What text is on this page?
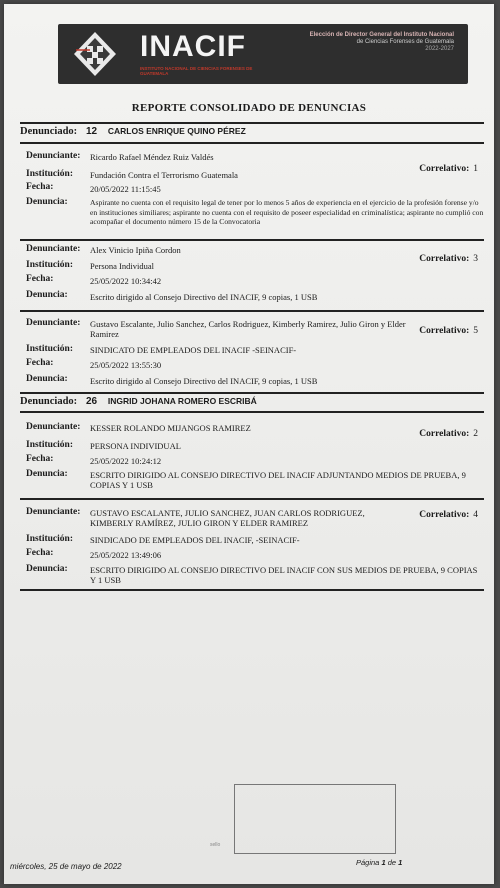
INACIF
INSTITUTO NACIONAL DE CIENCIAS FORENSES DE GUATEMALA
Elección de Director General del Instituto Nacional
de Ciencias Forenses de Guatemala
2022-2027
REPORTE CONSOLIDADO DE DENUNCIAS
Denunciado: 12 CARLOS ENRIQUE QUINO PÉREZ
Denunciante: Ricardo Rafael Méndez Ruiz Valdés
Correlativo: 1
Institución: Fundación Contra el Terrorismo Guatemala
Fecha:	20/05/2022 11:15:45
Denuncia:	Aspirante no cuenta con el requisito legal de tener por lo menos 5 años de experiencia en el ejercicio de la profesión forense y/o en instituciones similiares; aspirante no cuenta con el requisito de poseer especialidad en criminalística; aspirante no cumplió con acompañar el documento número 15 de la Convocatoria
Denunciante: Alex Vinicio Ipiña Cordon
Correlativo: 3
Institución: Persona Individual
Fecha:	25/05/2022 10:34:42
Denuncia:	Escrito dirigido al Consejo Directivo del INACIF, 9 copias, 1 USB
Denunciante: Gustavo Escalante, Julio Sanchez, Carlos Rodriguez, Kimberly Ramirez, Julio Giron y Elder Ramirez	Correlativo: 5
Institución: SINDICATO DE EMPLEADOS DEL INACIF -SEINACIF-
Fecha:	25/05/2022 13:55:30
Denuncia:	Escrito dirigido al Consejo Directivo del INACIF, 9 copias, 1 USB
Denunciado: 26 INGRID JOHANA ROMERO ESCRIBÁ
Denunciante: KESSER ROLANDO MIJANGOS RAMIREZ
Correlativo: 2
Institución: PERSONA INDIVIDUAL
Fecha:	25/05/2022 10:24:12
Denuncia:	ESCRITO DIRIGIDO AL CONSEJO DIRECTIVO DEL INACIF ADJUNTANDO MEDIOS DE PRUEBA, 9 COPIAS Y 1 USB
Denunciante: GUSTAVO ESCALANTE, JULIO SANCHEZ, JUAN CARLOS RODRIGUEZ, KIMBERLY RAMÍREZ, JULIO GIRON Y ELDER RAMIREZ
Correlativo: 4
Institución: SINDICADO DE EMPLEADOS DEL INACIF, -SEINACIF-
Fecha:	25/05/2022 13:49:06
Denuncia:	ESCRITO DIRIGIDO AL CONSEJO DIRECTIVO DEL INACIF CON SUS MEDIOS DE PRUEBA, 9 COPIAS Y 1 USB
sello
miércoles, 25 de mayo de 2022	Página 1 de 1
